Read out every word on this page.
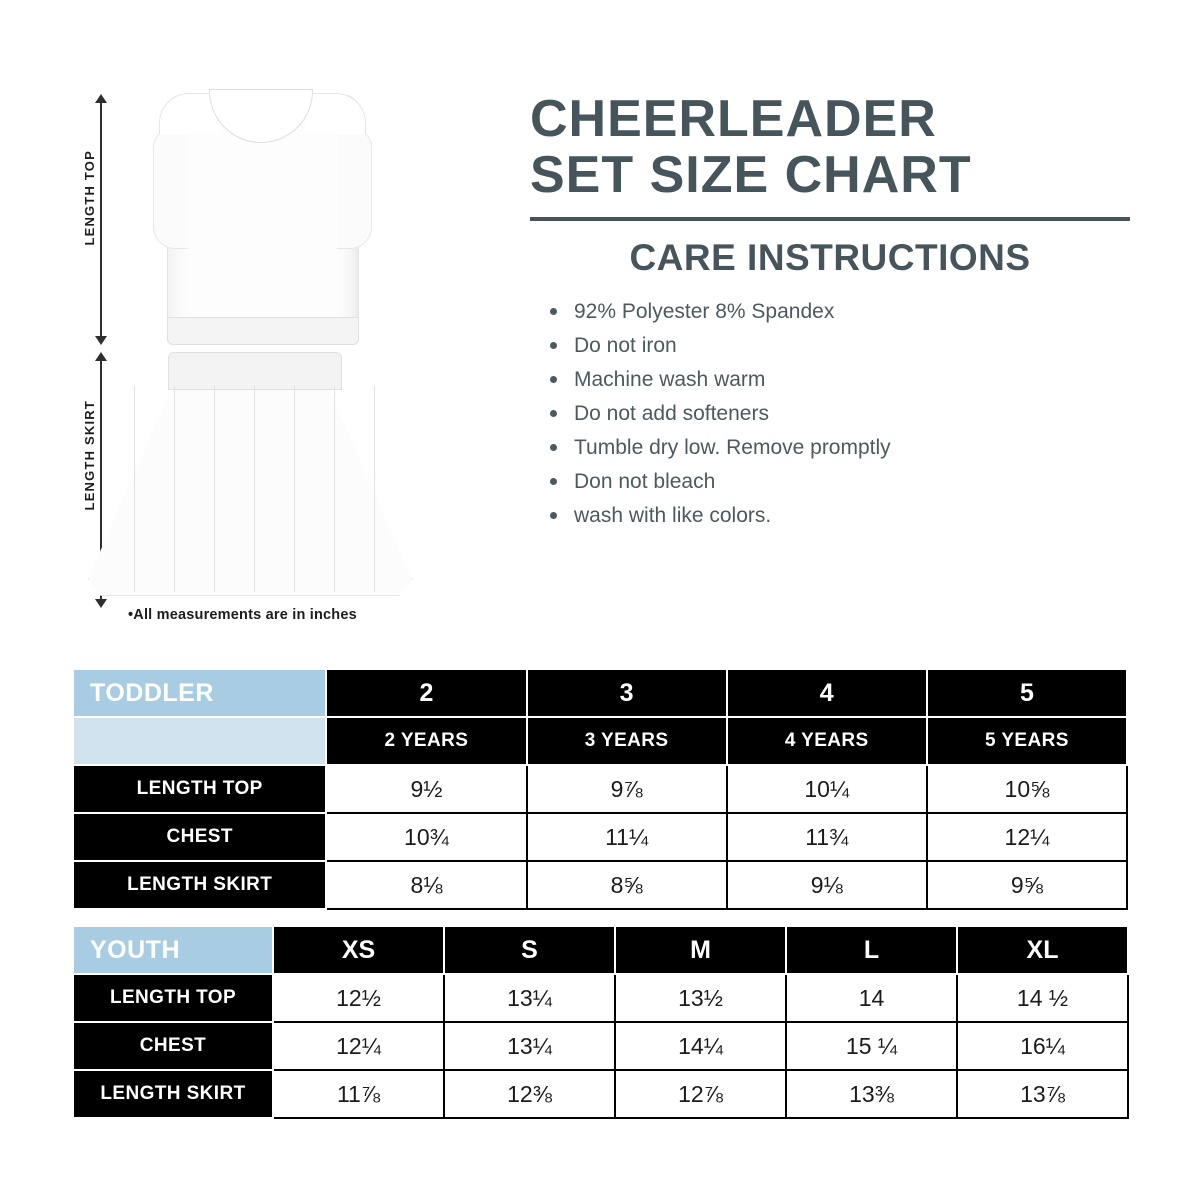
LENGTH TOP
LENGTH SKIRT
•All measurements are in inches
CHEERLEADER
SET SIZE CHART
CARE INSTRUCTIONS
92% Polyester 8% Spandex
Do not iron
Machine wash warm
Do not add softeners
Tumble dry low. Remove promptly
Don not bleach
wash with like colors.
TODDLER	2	3	4	5
	2 YEARS	3 YEARS	4 YEARS	5 YEARS
LENGTH TOP	9½	9⅞	10¼	10⅝
CHEST	10¾	11¼	11¾	12¼
LENGTH SKIRT	8⅛	8⅝	9⅛	9⅝
YOUTH	XS	S	M	L	XL
LENGTH TOP	12½	13¼	13½	14	14 ½
CHEST	12¼	13¼	14¼	15 ¼	16¼
LENGTH SKIRT	11⅞	12⅜	12⅞	13⅜	13⅞
